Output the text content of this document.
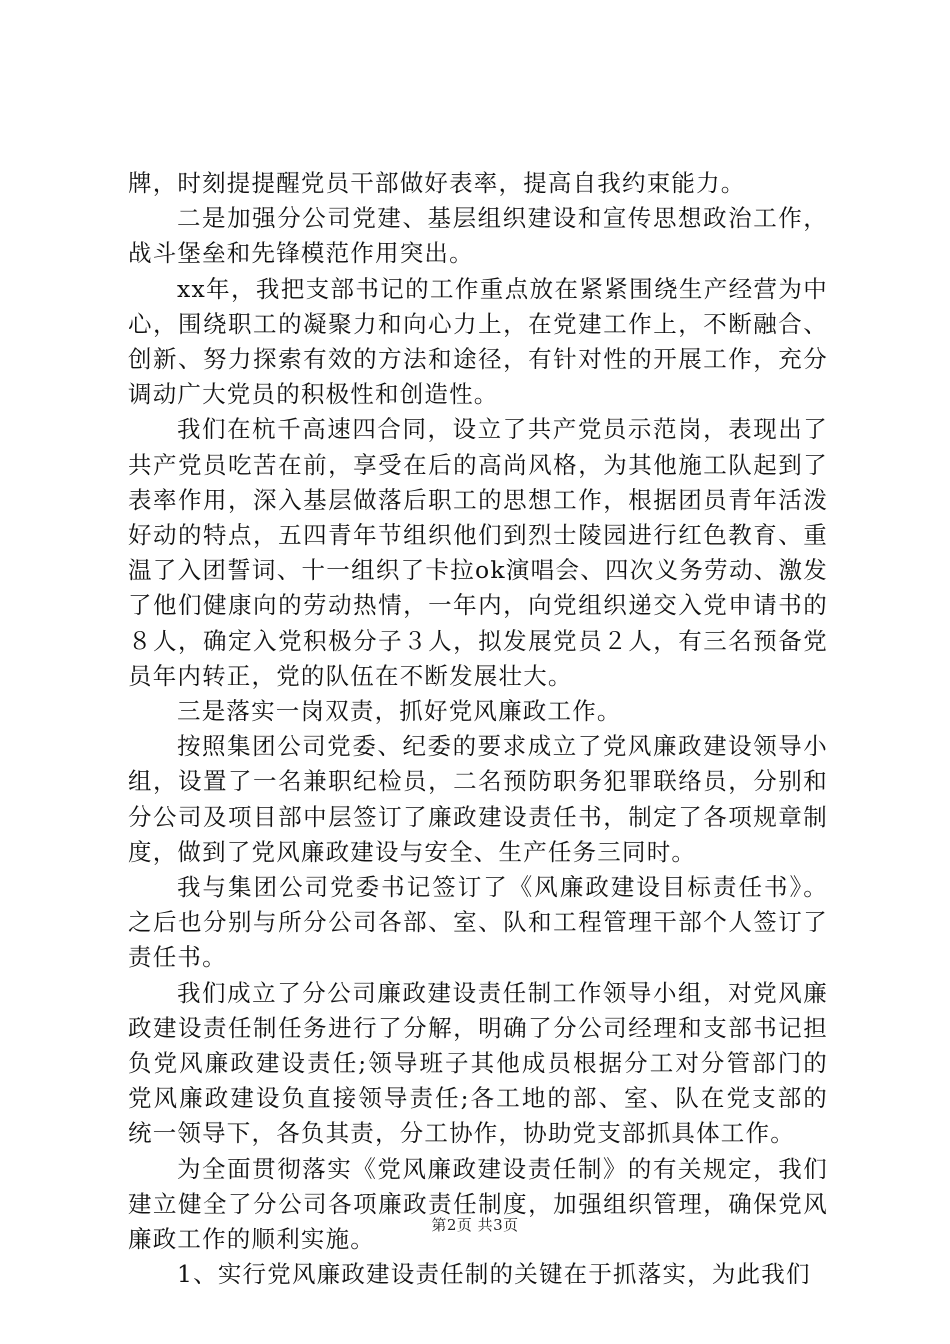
牌，时刻提提醒党员干部做好表率，提高自我约束能力。

二是加强分公司党建、基层组织建设和宣传思想政治工作，战斗堡垒和先锋模范作用突出。

xx年，我把支部书记的工作重点放在紧紧围绕生产经营为中心，围绕职工的凝聚力和向心力上，在党建工作上，不断融合、创新、努力探索有效的方法和途径，有针对性的开展工作，充分调动广大党员的积极性和创造性。

我们在杭千高速四合同，设立了共产党员示范岗，表现出了共产党员吃苦在前，享受在后的高尚风格，为其他施工队起到了表率作用，深入基层做落后职工的思想工作，根据团员青年活泼好动的特点，五四青年节组织他们到烈士陵园进行红色教育、重温了入团誓词、十一组织了卡拉ok演唱会、四次义务劳动、激发了他们健康向的劳动热情，一年内，向党组织递交入党申请书的８人，确定入党积极分子３人，拟发展党员２人，有三名预备党员年内转正，党的队伍在不断发展壮大。

三是落实一岗双责，抓好党风廉政工作。

按照集团公司党委、纪委的要求成立了党风廉政建设领导小组，设置了一名兼职纪检员，二名预防职务犯罪联络员，分别和分公司及项目部中层签订了廉政建设责任书，制定了各项规章制度，做到了党风廉政建设与安全、生产任务三同时。

我与集团公司党委书记签订了《风廉政建设目标责任书》。之后也分别与所分公司各部、室、队和工程管理干部个人签订了责任书。

我们成立了分公司廉政建设责任制工作领导小组，对党风廉政建设责任制任务进行了分解，明确了分公司经理和支部书记担负党风廉政建设责任;领导班子其他成员根据分工对分管部门的党风廉政建设负直接领导责任;各工地的部、室、队在党支部的统一领导下，各负其责，分工协作，协助党支部抓具体工作。

为全面贯彻落实《党风廉政建设责任制》的有关规定，我们建立健全了分公司各项廉政责任制度，加强组织管理，确保党风廉政工作的顺利实施。

1、实行党风廉政建设责任制的关键在于抓落实，为此我们

第2页 共3页
